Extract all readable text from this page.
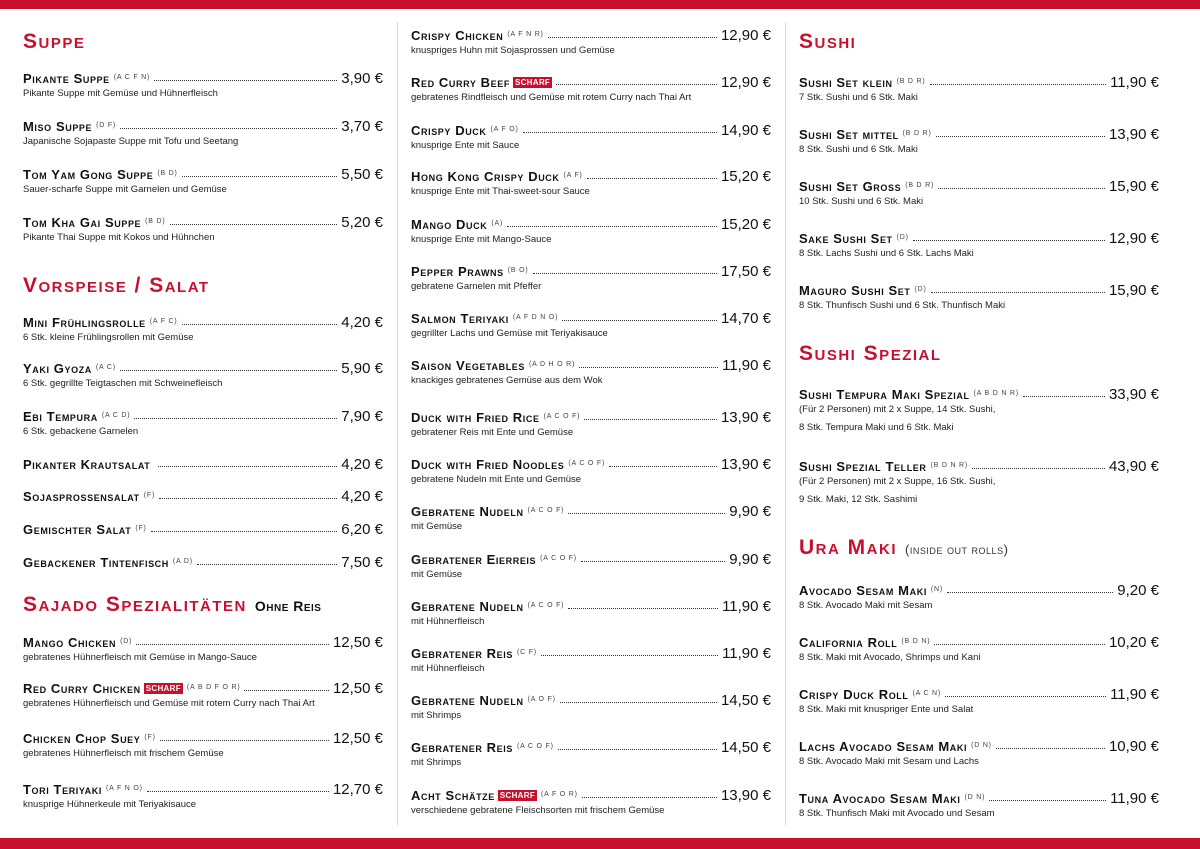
Suppe
Pikante Suppe (A C F N)	3,90 €
Pikante Suppe mit Gemüse und Hühnerfleisch
Miso Suppe (D F)	3,70 €
Japanische Sojapaste Suppe mit Tofu und Seetang
Tom Yam Gong Suppe (B D)	5,50 €
Sauer-scharfe Suppe mit Garnelen und Gemüse
Tom Kha Gai Suppe (B D)	5,20 €
Pikante Thai Suppe mit Kokos und Hühnchen
Vorspeise / Salat
Mini Frühlingsrolle (A F C)	4,20 €
6 Stk. kleine Frühlingsrollen mit Gemüse
Yaki Gyoza (A C)	5,90 €
6 Stk. gegrillte Teigtaschen mit Schweinefleisch
Ebi Tempura (A C D)	7,90 €
6 Stk. gebackene Garnelen
Pikanter Krautsalat	4,20 €
Sojasprossensalat (F)	4,20 €
Gemischter Salat (F)	6,20 €
Gebackener Tintenfisch (A D)	7,50 €
Sajado Spezialitäten Ohne Reis
Mango Chicken (D)	12,50 €
gebratenes Hühnerfleisch mit Gemüse in Mango-Sauce
Red Curry Chicken SCHARF (A B D F O R)	12,50 €
gebratenes Hühnerfleisch und Gemüse mit rotem Curry nach Thai Art
Chicken Chop Suey (F)	12,50 €
gebratenes Hühnerfleisch mit frischem Gemüse
Tori Teriyaki (A F N O)	12,70 €
knusprige Hühnerkeule mit Teriyakisauce
Crispy Chicken (A F N R)	12,90 €
knuspriges Huhn mit Sojasprossen und Gemüse
Red Curry Beef SCHARF	12,90 €
gebratenes Rindfleisch und Gemüse mit rotem Curry nach Thai Art
Crispy Duck (A F O)	14,90 €
knusprige Ente mit Sauce
Hong Kong Crispy Duck (A F)	15,20 €
knusprige Ente mit Thai-sweet-sour Sauce
Mango Duck (A)	15,20 €
knusprige Ente mit Mango-Sauce
Pepper Prawns (B O)	17,50 €
gebratene Garnelen mit Pfeffer
Salmon Teriyaki (A F D N O)	14,70 €
gegrillter Lachs und Gemüse mit Teriyakisauce
Saison Vegetables (A D H O R)	11,90 €
knackiges gebratenes Gemüse aus dem Wok
Duck with Fried Rice (A C O F)	13,90 €
gebratener Reis mit Ente und Gemüse
Duck with Fried Noodles (A C O F)	13,90 €
gebratene Nudeln mit Ente und Gemüse
Gebratene Nudeln (A C O F)	9,90 €
mit Gemüse
Gebratener Eierreis (A C O F)	9,90 €
mit Gemüse
Gebratene Nudeln (A C O F)	11,90 €
mit Hühnerfleisch
Gebratener Reis (C F)	11,90 €
mit Hühnerfleisch
Gebratene Nudeln (A O F)	14,50 €
mit Shrimps
Gebratener Reis (A C O F)	14,50 €
mit Shrimps
Acht Schätze SCHARF (A F O R)	13,90 €
verschiedene gebratene Fleischsorten mit frischem Gemüse
Sushi
Sushi Set klein (B D R)	11,90 €
7 Stk. Sushi und 6 Stk. Maki
Sushi Set mittel (B D R)	13,90 €
8 Stk. Sushi und 6 Stk. Maki
Sushi Set Gross (B D R)	15,90 €
10 Stk. Sushi und 6 Stk. Maki
Sake Sushi Set (D)	12,90 €
8 Stk. Lachs Sushi und 6 Stk. Lachs Maki
Maguro Sushi Set (D)	15,90 €
8 Stk. Thunfisch Sushi und 6 Stk. Thunfisch Maki
Sushi Spezial
Sushi Tempura Maki Spezial (A B D N R)	33,90 €
(Für 2 Personen) mit 2 x Suppe, 14 Stk. Sushi,
8 Stk. Tempura Maki und 6 Stk. Maki
Sushi Spezial Teller (B D N R)	43,90 €
(Für 2 Personen) mit 2 x Suppe, 16 Stk. Sushi,
9 Stk. Maki, 12 Stk. Sashimi
Ura Maki (inside out rolls)
Avocado Sesam Maki (N)	9,20 €
8 Stk. Avocado Maki mit Sesam
California Roll (B D N)	10,20 €
8 Stk. Maki mit Avocado, Shrimps und Kani
Crispy Duck Roll (A C N)	11,90 €
8 Stk. Maki mit knuspriger Ente und Salat
Lachs Avocado Sesam Maki (D N)	10,90 €
8 Stk. Avocado Maki mit Sesam und Lachs
Tuna Avocado Sesam Maki (D N)	11,90 €
8 Stk. Thunfisch Maki mit Avocado und Sesam
